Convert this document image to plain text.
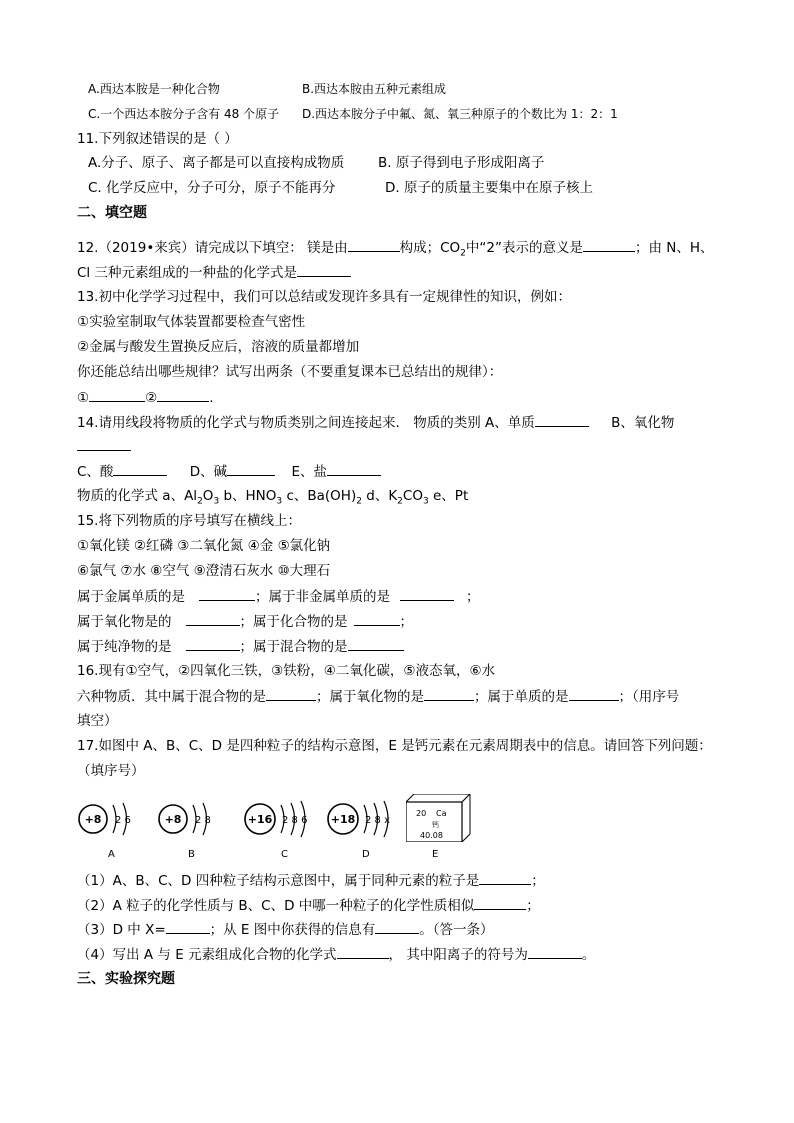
A.西达本胺是一种化合物	B.西达本胺由五种元素组成
C.一个西达本胺分子含有 48 个原子 D.西达本胺分子中氟、氮、氧三种原子的个数比为 1：2：1
11.下列叙述错误的是（ ）
A.分子、原子、离子都是可以直接构成物质 B. 原子得到电子形成阳离子
C. 化学反应中，分子可分，原子不能再分	D. 原子的质量主要集中在原子核上
二、填空题
12.（2019•来宾）请完成以下填空： 镁是由	构成；$CO_2$中“2”表示的意义是	；由 N、H、
Cl 三种元素组成的一种盐的化学式是
13.初中化学学习过程中，我们可以总结或发现许多具有一定规律性的知识，例如：
①实验室制取气体装置都要检查气密性
②金属与酸发生置换反应后，溶液的质量都增加
你还能总结出哪些规律？试写出两条（不要重复课本已总结出的规律）：
①	②	.
14.请用线段将物质的化学式与物质类别之间连接起来． 物质的类别 A、单质	B、氧化物
C、酸	D、碱	E、盐
物质的化学式 a、$Al_2O_3$ b、$HNO_3$ c、$Ba(OH)_2$ d、$K_2CO_3$ e、Pt
15.将下列物质的序号填写在横线上：
①氧化镁 ②红磷 ③二氧化氮 ④金 ⑤氯化钠
⑥氯气 ⑦水 ⑧空气 ⑨澄清石灰水 ⑩大理石
属于金属单质的是	；属于非金属单质的是	；
属于氧化物是的	；属于化合物的是	；
属于纯净物的是	；属于混合物的是
16.现有①空气，②四氧化三铁，③铁粉，④二氧化碳，⑤液态氧，⑥水
六种物质．其中属于混合物的是	；属于氧化物的是	；属于单质的是	；（用序号
填空）
17.如图中 A、B、C、D 是四种粒子的结构示意图，E 是钙元素在元素周期表中的信息。请回答下列问题：
（填序号）
+8 2 6
A
+8 2 8
B
+16 2 8 6
C
+18 2 8 x
D
20 Ca
钙
40.08
E
（1）A、B、C、D 四种粒子结构示意图中，属于同种元素的粒子是	；
（2）A 粒子的化学性质与 B、C、D 中哪一种粒子的化学性质相似	；
（3）D 中 X=	；从 E 图中你获得的信息有	。（答一条）
（4）写出 A 与 E 元素组成化合物的化学式	， 其中阳离子的符号为	。
三、实验探究题
